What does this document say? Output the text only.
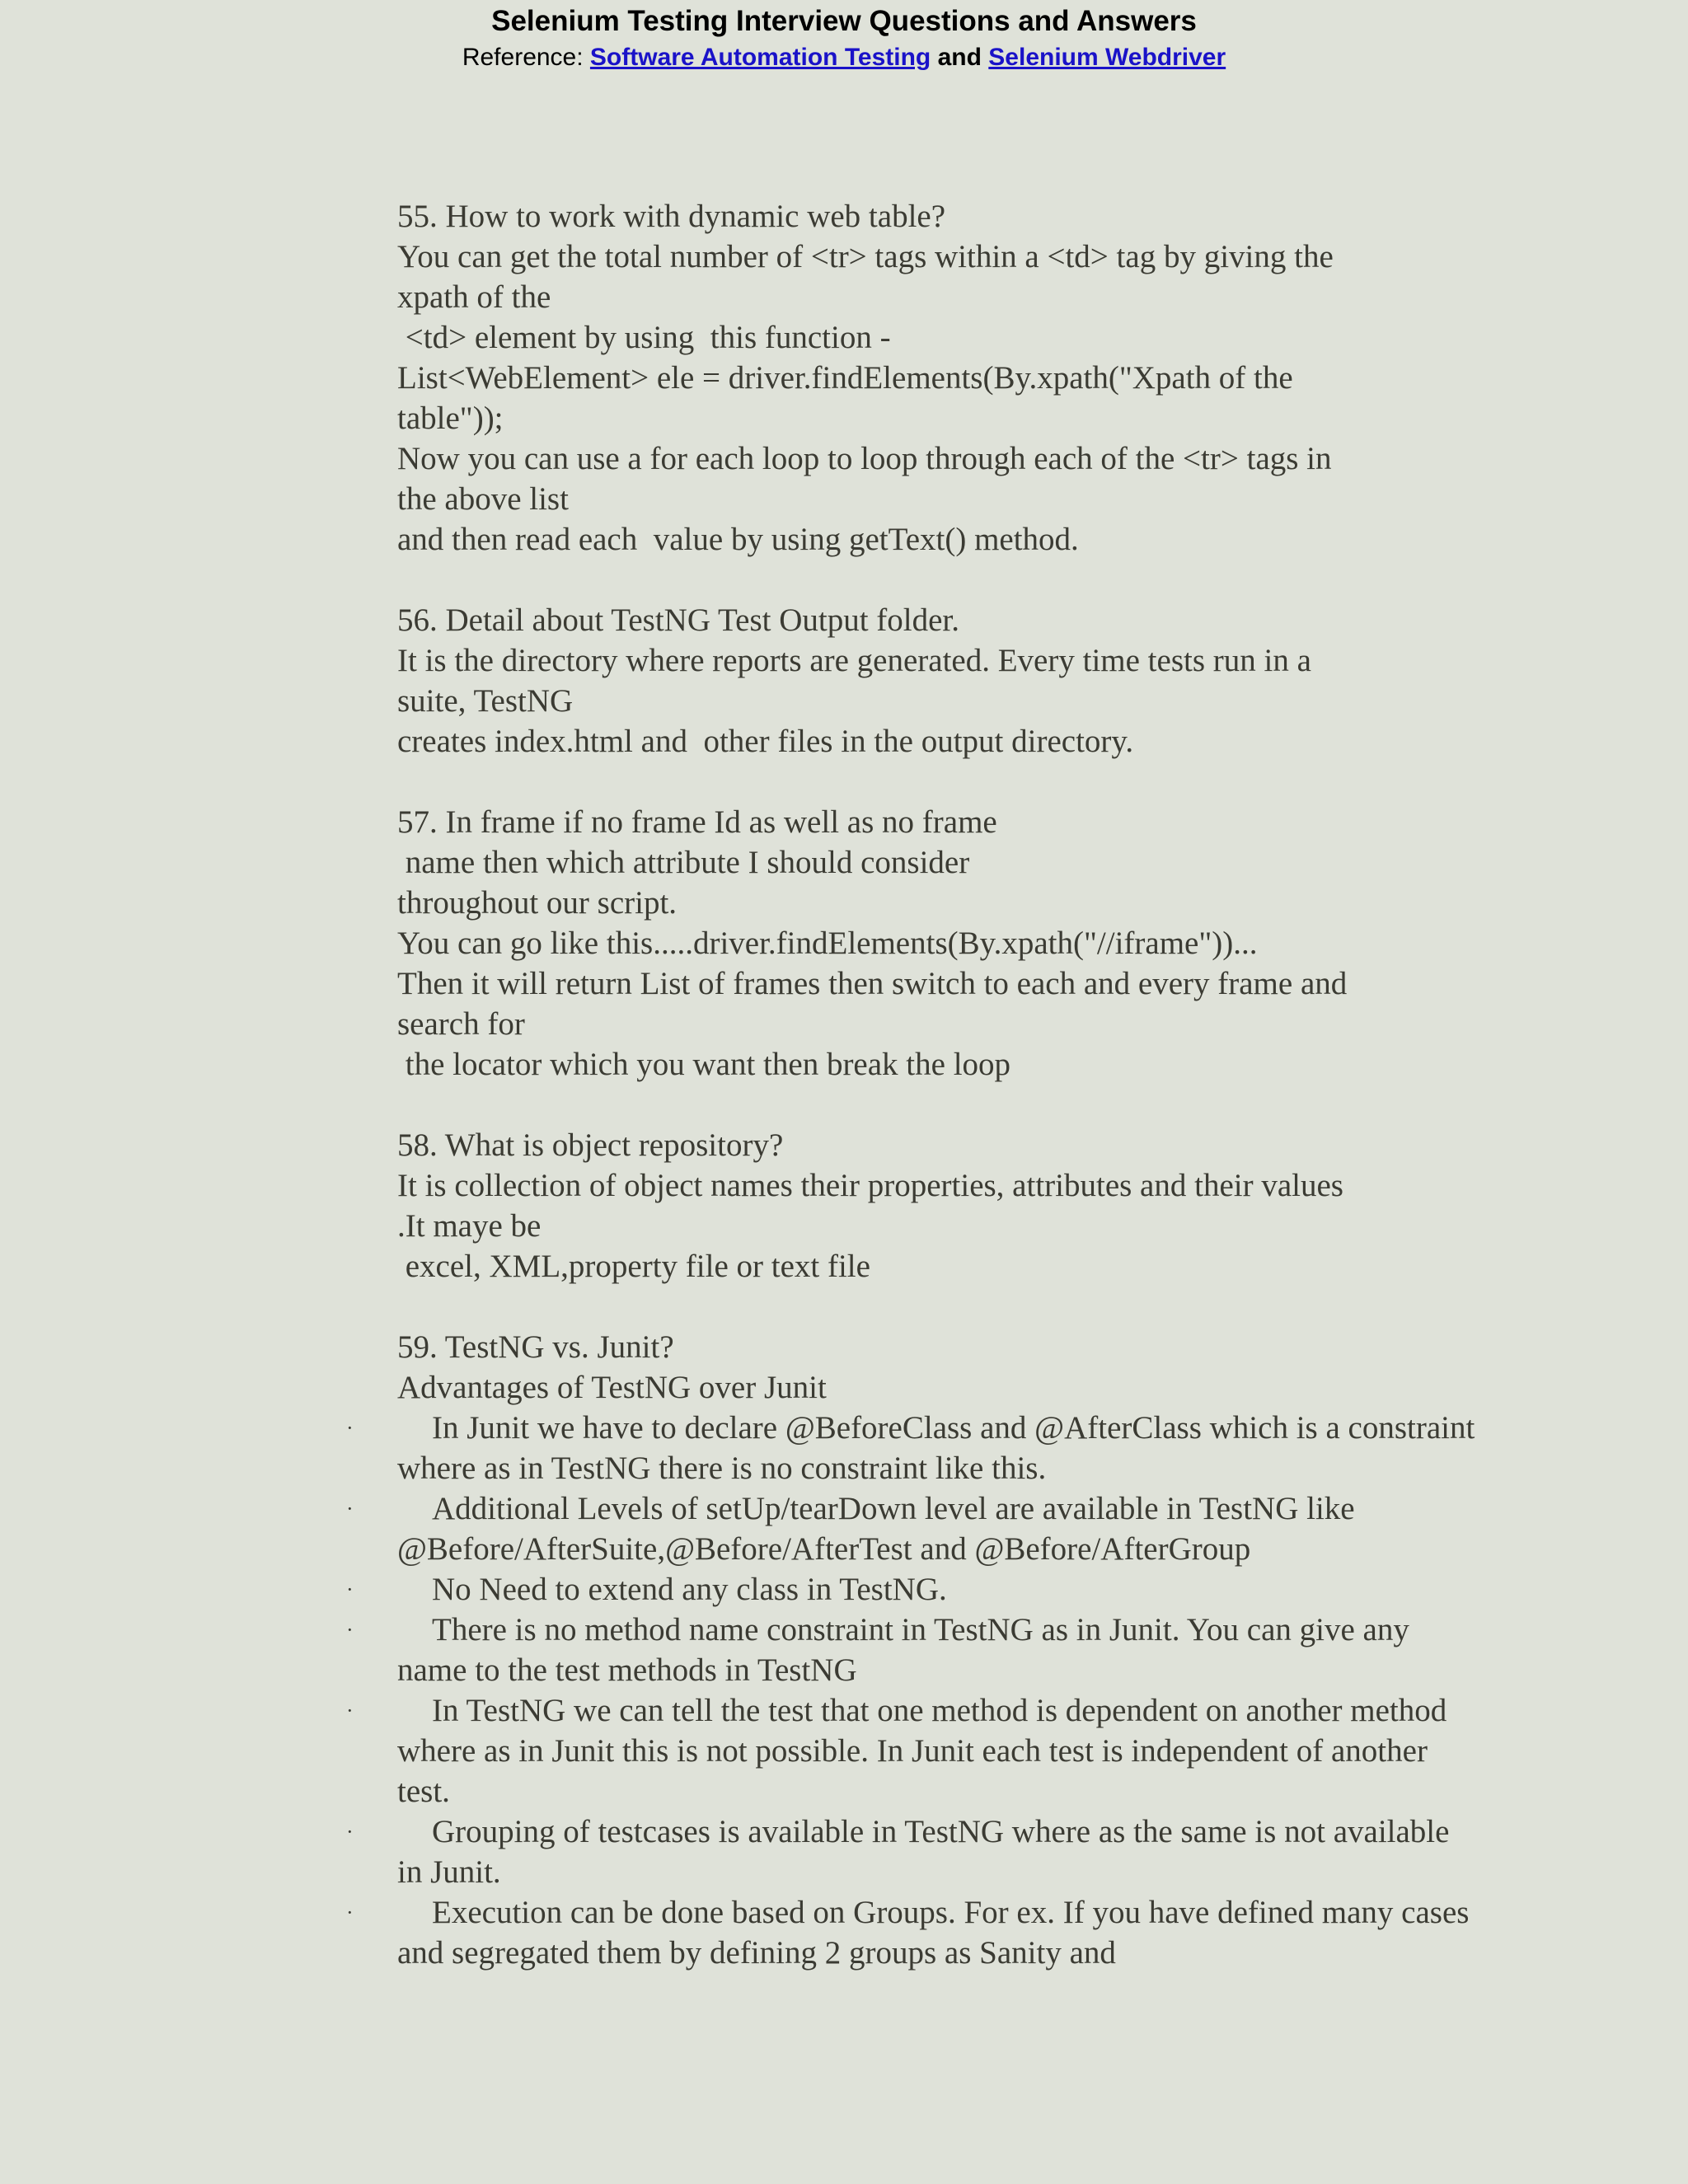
Selenium Testing Interview Questions and Answers
Reference: Software Automation Testing and Selenium Webdriver
55. How to work with dynamic web table?
You can get the total number of <tr> tags within a <td> tag by giving the
xpath of the
<td> element by using  this function -
List<WebElement> ele = driver.findElements(By.xpath("Xpath of the
table"));
Now you can use a for each loop to loop through each of the <tr> tags in
the above list
and then read each  value by using getText() method.
56. Detail about TestNG Test Output folder.
It is the directory where reports are generated. Every time tests run in a
suite, TestNG
creates index.html and  other files in the output directory.
57. In frame if no frame Id as well as no frame
name then which attribute I should consider
throughout our script.
You can go like this.....driver.findElements(By.xpath("//iframe"))...
Then it will return List of frames then switch to each and every frame and
search for
the locator which you want then break the loop
58. What is object repository?
It is collection of object names their properties, attributes and their values
.It maye be
excel, XML,property file or text file
59. TestNG vs. Junit?
Advantages of TestNG over Junit
· In Junit we have to declare @BeforeClass and @AfterClass which is a constraint where as in TestNG there is no constraint like this.
· Additional Levels of setUp/tearDown level are available in TestNG like @Before/AfterSuite,@Before/AfterTest and @Before/AfterGroup
· No Need to extend any class in TestNG.
· There is no method name constraint in TestNG as in Junit. You can give any name to the test methods in TestNG
· In TestNG we can tell the test that one method is dependent on another method where as in Junit this is not possible. In Junit each test is independent of another test.
· Grouping of testcases is available in TestNG where as the same is not available in Junit.
· Execution can be done based on Groups. For ex. If you have defined many cases and segregated them by defining 2 groups as Sanity and
